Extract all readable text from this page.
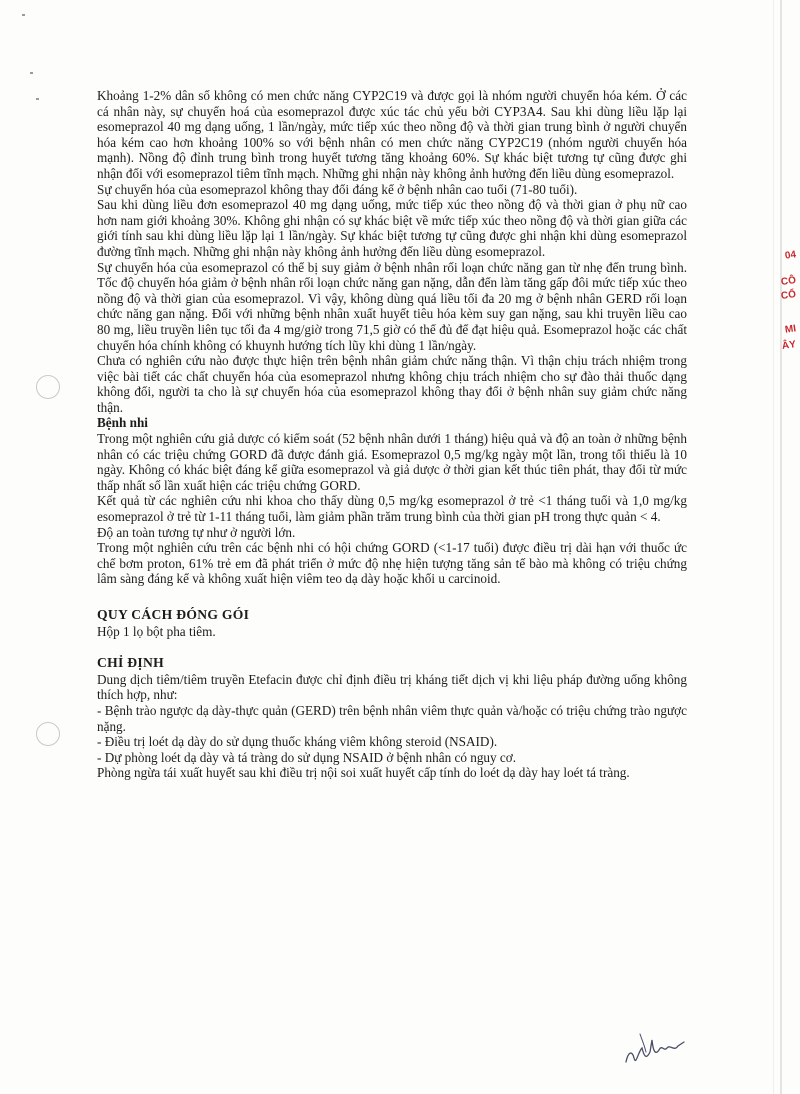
04
CÔ
CỔ
MI
ÂY

Khoảng 1-2% dân số không có men chức năng CYP2C19 và được gọi là nhóm người chuyển hóa kém. Ở các cá nhân này, sự chuyển hoá của esomeprazol được xúc tác chủ yếu bởi CYP3A4. Sau khi dùng liều lặp lại esomeprazol 40 mg dạng uống, 1 lần/ngày, mức tiếp xúc theo nồng độ và thời gian trung bình ở người chuyển hóa kém cao hơn khoảng 100% so với bệnh nhân có men chức năng CYP2C19 (nhóm người chuyển hóa mạnh). Nồng độ đỉnh trung bình trong huyết tương tăng khoảng 60%. Sự khác biệt tương tự cũng được ghi nhận đối với esomeprazol tiêm tĩnh mạch. Những ghi nhận này không ảnh hưởng đến liều dùng esomeprazol.

Sự chuyển hóa của esomeprazol không thay đổi đáng kể ở bệnh nhân cao tuổi (71-80 tuổi).

Sau khi dùng liều đơn esomeprazol 40 mg dạng uống, mức tiếp xúc theo nồng độ và thời gian ở phụ nữ cao hơn nam giới khoảng 30%. Không ghi nhận có sự khác biệt về mức tiếp xúc theo nồng độ và thời gian giữa các giới tính sau khi dùng liều lặp lại 1 lần/ngày. Sự khác biệt tương tự cũng được ghi nhận khi dùng esomeprazol đường tĩnh mạch. Những ghi nhận này không ảnh hưởng đến liều dùng esomeprazol.

Sự chuyển hóa của esomeprazol có thể bị suy giảm ở bệnh nhân rối loạn chức năng gan từ nhẹ đến trung bình. Tốc độ chuyển hóa giảm ở bệnh nhân rối loạn chức năng gan nặng, dẫn đến làm tăng gấp đôi mức tiếp xúc theo nồng độ và thời gian của esomeprazol. Vì vậy, không dùng quá liều tối đa 20 mg ở bệnh nhân GERD rối loạn chức năng gan nặng. Đối với những bệnh nhân xuất huyết tiêu hóa kèm suy gan nặng, sau khi truyền liều cao 80 mg, liều truyền liên tục tối đa 4 mg/giờ trong 71,5 giờ có thể đủ để đạt hiệu quả. Esomeprazol hoặc các chất chuyển hóa chính không có khuynh hướng tích lũy khi dùng 1 lần/ngày.

Chưa có nghiên cứu nào được thực hiện trên bệnh nhân giảm chức năng thận. Vì thận chịu trách nhiệm trong việc bài tiết các chất chuyển hóa của esomeprazol nhưng không chịu trách nhiệm cho sự đào thải thuốc dạng không đổi, người ta cho là sự chuyển hóa của esomeprazol không thay đổi ở bệnh nhân suy giảm chức năng thận.

Bệnh nhi

Trong một nghiên cứu giả dược có kiểm soát (52 bệnh nhân dưới 1 tháng) hiệu quả và độ an toàn ở những bệnh nhân có các triệu chứng GORD đã được đánh giá. Esomeprazol 0,5 mg/kg ngày một lần, trong tối thiểu là 10 ngày. Không có khác biệt đáng kể giữa esomeprazol và giả dược ở thời gian kết thúc tiên phát, thay đổi từ mức thấp nhất số lần xuất hiện các triệu chứng GORD.

Kết quả từ các nghiên cứu nhi khoa cho thấy dùng 0,5 mg/kg esomeprazol ở trẻ <1 tháng tuổi và 1,0 mg/kg esomeprazol ở trẻ từ 1-11 tháng tuổi, làm giảm phần trăm trung bình của thời gian pH trong thực quản < 4.

Độ an toàn tương tự như ở người lớn.

Trong một nghiên cứu trên các bệnh nhi có hội chứng GORD (<1-17 tuổi) được điều trị dài hạn với thuốc ức chế bơm proton, 61% trẻ em đã phát triển ở mức độ nhẹ hiện tượng tăng sản tế bào mà không có triệu chứng lâm sàng đáng kể và không xuất hiện viêm teo dạ dày hoặc khối u carcinoid.

QUY CÁCH ĐÓNG GÓI

Hộp 1 lọ bột pha tiêm.

CHỈ ĐỊNH

Dung dịch tiêm/tiêm truyền Etefacin được chỉ định điều trị kháng tiết dịch vị khi liệu pháp đường uống không thích hợp, như:

- Bệnh trào ngược dạ dày-thực quản (GERD) trên bệnh nhân viêm thực quản và/hoặc có triệu chứng trào ngược nặng.

- Điều trị loét dạ dày do sử dụng thuốc kháng viêm không steroid (NSAID).

- Dự phòng loét dạ dày và tá tràng do sử dụng NSAID ở bệnh nhân có nguy cơ.

Phòng ngừa tái xuất huyết sau khi điều trị nội soi xuất huyết cấp tính do loét dạ dày hay loét tá tràng.
